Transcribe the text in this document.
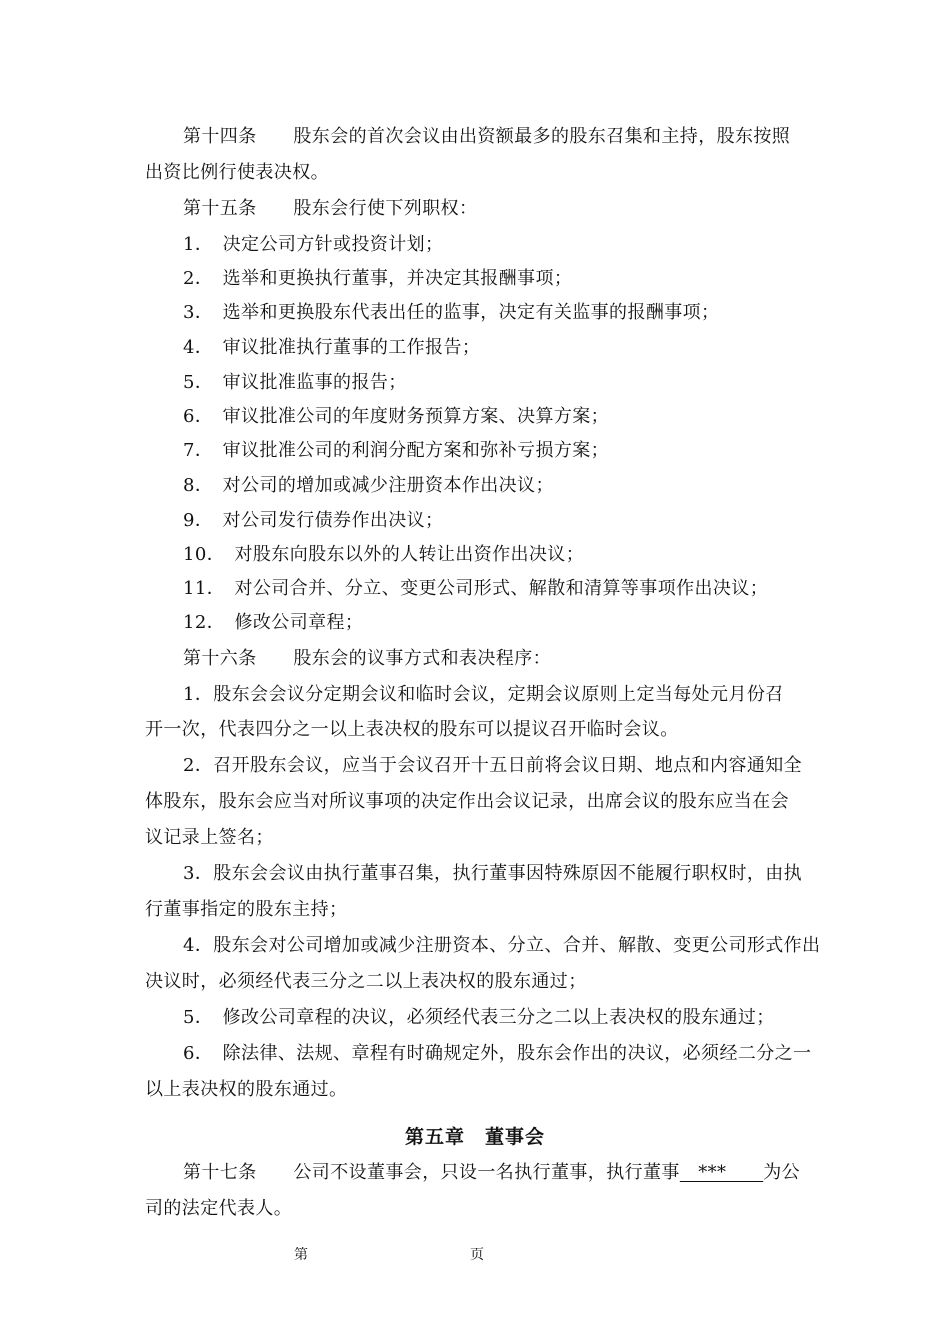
第十四条　　股东会的首次会议由出资额最多的股东召集和主持，股东按照
出资比例行使表决权。
第十五条　　股东会行使下列职权：
1．　决定公司方针或投资计划；
2．　选举和更换执行董事，并决定其报酬事项；
3．　选举和更换股东代表出任的监事，决定有关监事的报酬事项；
4．　审议批准执行董事的工作报告；
5．　审议批准监事的报告；
6．　审议批准公司的年度财务预算方案、决算方案；
7．　审议批准公司的利润分配方案和弥补亏损方案；
8．　对公司的增加或减少注册资本作出决议；
9．　对公司发行债券作出决议；
10．　对股东向股东以外的人转让出资作出决议；
11．　对公司合并、分立、变更公司形式、解散和清算等事项作出决议；
12．　修改公司章程；
第十六条　　股东会的议事方式和表决程序：
1．股东会会议分定期会议和临时会议，定期会议原则上定当每处元月份召
开一次，代表四分之一以上表决权的股东可以提议召开临时会议。
2．召开股东会议，应当于会议召开十五日前将会议日期、地点和内容通知全
体股东，股东会应当对所议事项的决定作出会议记录，出席会议的股东应当在会
议记录上签名；
3．股东会会议由执行董事召集，执行董事因特殊原因不能履行职权时，由执
行董事指定的股东主持；
4．股东会对公司增加或减少注册资本、分立、合并、解散、变更公司形式作出
决议时，必须经代表三分之二以上表决权的股东通过；
5．　修改公司章程的决议，必须经代表三分之二以上表决权的股东通过；
6．　除法律、法规、章程有时确规定外，股东会作出的决议，必须经二分之一
以上表决权的股东通过。
第五章　董事会
第十七条　　公司不设董事会，只设一名执行董事，执行董事　***　　为公
司的法定代表人。
第	页
